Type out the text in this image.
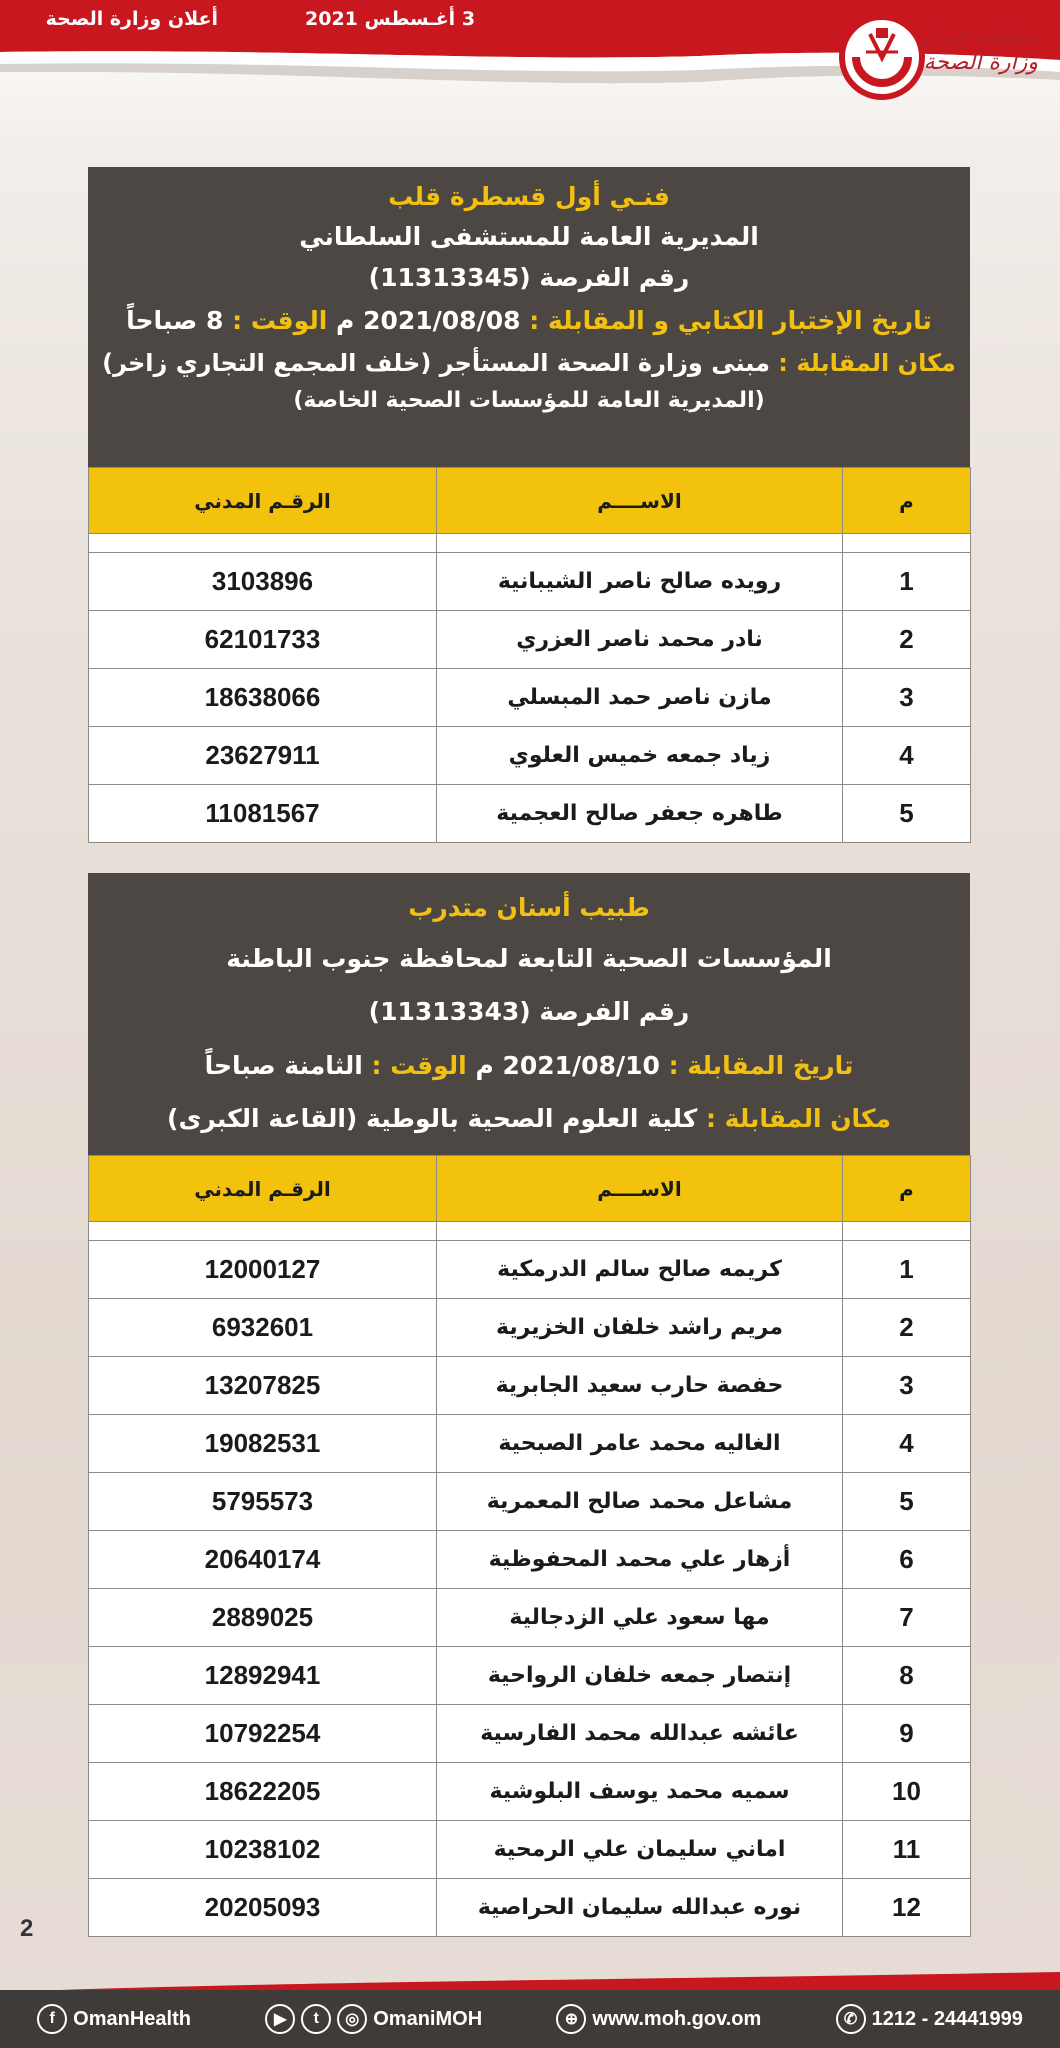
أعلان وزارة الصحة	3 أغـسطس 2021
سلطنة عمان
وزارة الصحة
فنـي أول قسطرة قلب
المديرية العامة للمستشفى السلطاني
رقم الفرصة (11313345)
تاريخ الإختبار الكتابي و المقابلة : 2021/08/08 م الوقت : 8 صباحاً
مكان المقابلة : مبنى وزارة الصحة المستأجر (خلف المجمع التجاري زاخر)
(المديرية العامة للمؤسسات الصحية الخاصة)
م	الاســــم	الرقـم المدني

1	رويده صالح ناصر الشيبانية	3103896
2	نادر محمد ناصر العزري	62101733
3	مازن ناصر حمد المبسلي	18638066
4	زياد جمعه خميس العلوي	23627911
5	طاهره جعفر صالح العجمية	11081567
طبيب أسنان متدرب
المؤسسات الصحية التابعة لمحافظة جنوب الباطنة
رقم الفرصة (11313343)
تاريخ المقابلة : 2021/08/10 م الوقت : الثامنة صباحاً
مكان المقابلة : كلية العلوم الصحية بالوطية (القاعة الكبرى)
م	الاســــم	الرقـم المدني

1	كريمه صالح سالم الدرمكية	12000127
2	مريم راشد خلفان الخزيرية	6932601
3	حفصة حارب سعيد الجابرية	13207825
4	الغاليه محمد عامر الصبحية	19082531
5	مشاعل محمد صالح المعمرية	5795573
6	أزهار علي محمد المحفوظية	20640174
7	مها سعود علي الزدجالية	2889025
8	إنتصار جمعه خلفان الرواحية	12892941
9	عائشه عبدالله محمد الفارسية	10792254
10	سميه محمد يوسف البلوشية	18622205
11	اماني سليمان علي الرمحية	10238102
12	نوره عبدالله سليمان الحراصية	20205093
2
f OmanHealth	▶	t	◎ OmaniMOH	⊕ www.moh.gov.om	✆ 1212 - 24441999
